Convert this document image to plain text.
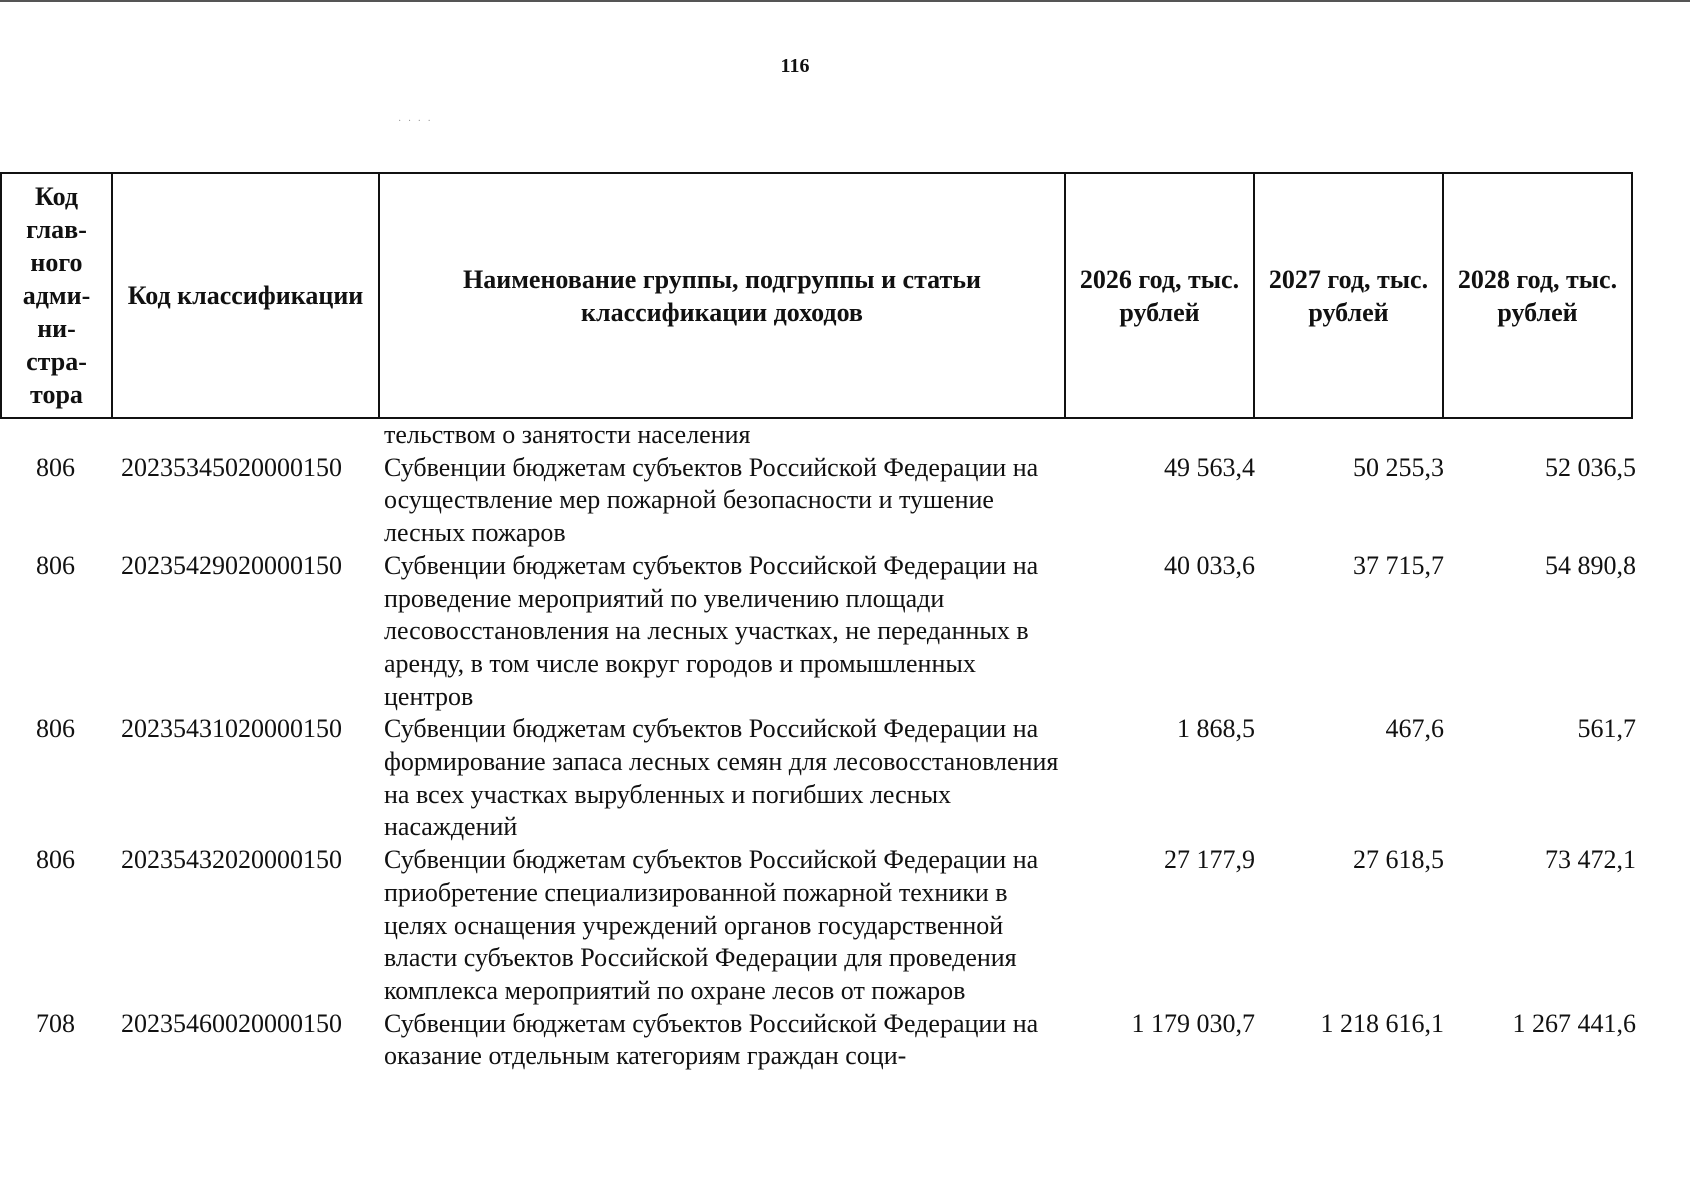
116
· · · ·
Код глав-ного адми-ни-стра-тора	Код классификации	Наименование группы, подгруппы и статьи классификации доходов	2026 год, тыс. рублей	2027 год, тыс. рублей	2028 год, тыс. рублей
		тельством о занятости населения			
806	20235345020000150	Субвенции бюджетам субъектов Российской Федерации на осуществление мер пожарной безопасности и тушение лесных пожаров	49 563,4	50 255,3	52 036,5
806	20235429020000150	Субвенции бюджетам субъектов Российской Федерации на проведение мероприятий по увеличению площади лесовосстановления на лесных участках, не переданных в аренду, в том числе вокруг городов и промышленных центров	40 033,6	37 715,7	54 890,8
806	20235431020000150	Субвенции бюджетам субъектов Российской Федерации на формирование запаса лесных семян для лесовосстановления на всех участках вырубленных и погибших лесных насаждений	1 868,5	467,6	561,7
806	20235432020000150	Субвенции бюджетам субъектов Российской Федерации на приобретение специализированной пожарной техники в целях оснащения учреждений органов государственной власти субъектов Российской Федерации для проведения комплекса мероприятий по охране лесов от пожаров	27 177,9	27 618,5	73 472,1
708	20235460020000150	Субвенции бюджетам субъектов Российской Федерации на оказание отдельным категориям граждан соци-	1 179 030,7	1 218 616,1	1 267 441,6
